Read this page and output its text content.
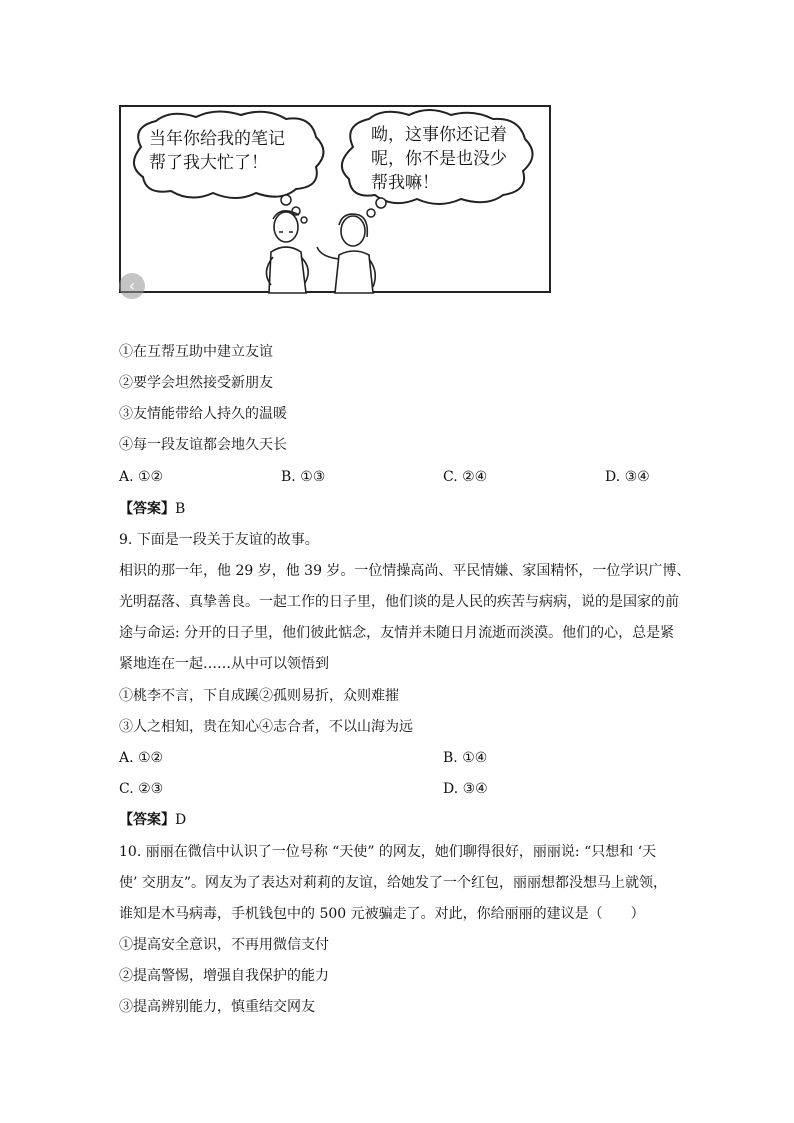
当年你给我的笔记
帮了我大忙了！
呦，这事你还记着
呢，你不是也没少
帮我嘛！
‹
①在互帮互助中建立友谊
②要学会坦然接受新朋友
③友情能带给人持久的温暖
④每一段友谊都会地久天长
A. ①②	B. ①③	C. ②④	D. ③④
【答案】B
9. 下面是一段关于友谊的故事。
相识的那一年，他 29 岁，他 39 岁。一位情操高尚、平民情嫌、家国精怀，一位学识广博、
光明磊落、真挚善良。一起工作的日子里，他们谈的是人民的疾苦与病病，说的是国家的前
途与命运: 分开的日子里，他们彼此惦念，友情并未随日月流逝而淡漠。他们的心，总是紧
紧地连在一起……从中可以领悟到
①桃李不言，下自成蹊②孤则易折，众则难摧
③人之相知，贵在知心④志合者，不以山海为远
A. ①②	B. ①④
C. ②③	D. ③④
【答案】D
10. 丽丽在微信中认识了一位号称 “天使” 的网友，她们聊得很好，丽丽说: “只想和 ‘天
使’ 交朋友”。网友为了表达对莉莉的友谊，给她发了一个红包，丽丽想都没想马上就领，
谁知是木马病毒，手机钱包中的 500 元被骗走了。对此，你给丽丽的建议是（　　）
①提高安全意识，不再用微信支付
②提高警惕，增强自我保护的能力
③提高辨别能力，慎重结交网友
